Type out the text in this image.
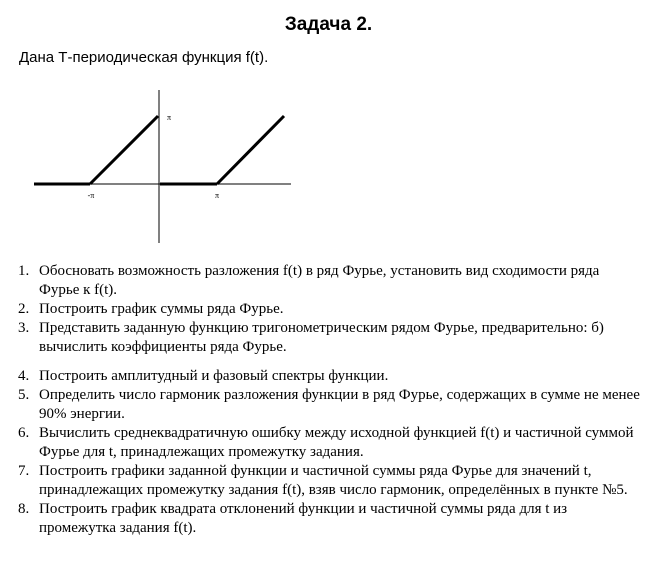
Задача 2.
Дана Т-периодическая функция f(t).
-π	π
π
1. Обосновать возможность разложения f(t) в ряд Фурье, установить вид сходимости ряда Фурье к f(t).
2. Построить график суммы ряда Фурье.
3. Представить заданную функцию тригонометрическим рядом Фурье, предварительно: б) вычислить коэффициенты ряда Фурье.
4. Построить амплитудный и фазовый спектры функции.
5. Определить число гармоник разложения функции в ряд Фурье, содержащих в сумме не менее 90% энергии.
6. Вычислить среднеквадратичную ошибку между исходной функцией f(t) и частичной суммой Фурье для t, принадлежащих промежутку задания.
7. Построить графики заданной функции и частичной суммы ряда Фурье для значений t, принадлежащих промежутку задания f(t), взяв число гармоник, определённых в пункте №5.
8. Построить график квадрата отклонений функции и частичной суммы ряда для t из промежутка задания f(t).
